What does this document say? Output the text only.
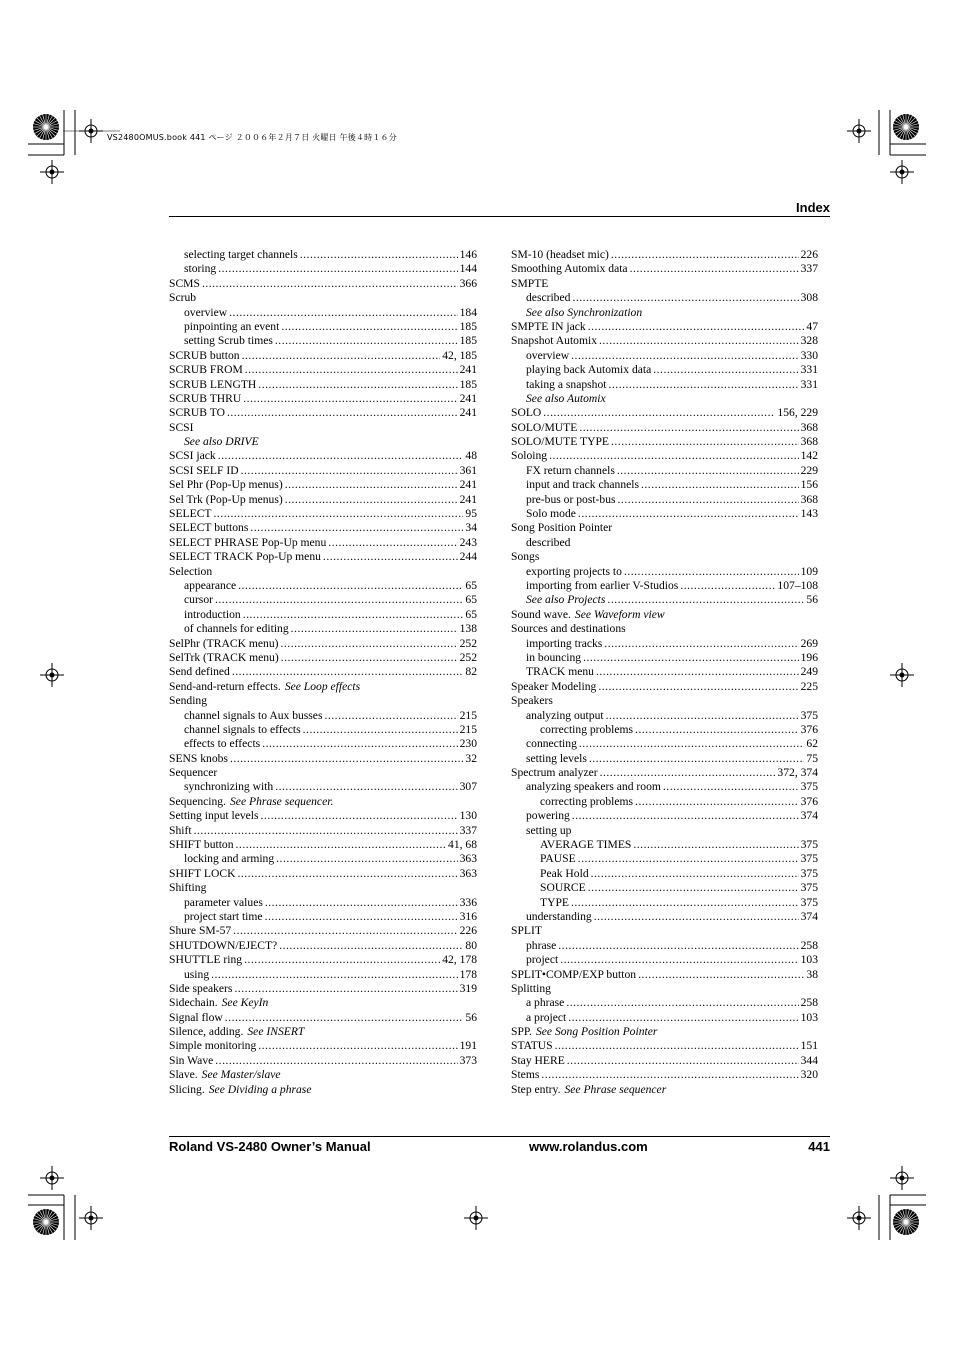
VS2480OMUS.book 441 ページ ２００６年２月７日 火曜日 午後４時１６分
Index
selecting target channels .....	146
storing .....	144
SCMS .....	366
Scrub
overview .....	184
pinpointing an event .....	185
setting Scrub times .....	185
SCRUB button .....	42, 185
SCRUB FROM .....	241
SCRUB LENGTH .....	185
SCRUB THRU .....	241
SCRUB TO .....	241
SCSI
See also DRIVE
SCSI jack .....	48
SCSI SELF ID .....	361
Sel Phr (Pop-Up menus) .....	241
Sel Trk (Pop-Up menus) .....	241
SELECT .....	95
SELECT buttons .....	34
SELECT PHRASE Pop-Up menu .....	243
SELECT TRACK Pop-Up menu .....	244
Selection
appearance .....	65
cursor .....	65
introduction .....	65
of channels for editing .....	138
SelPhr (TRACK menu) .....	252
SelTrk (TRACK menu) .....	252
Send defined .....	82
Send-and-return effects. See Loop effects
Sending
channel signals to Aux busses .....	215
channel signals to effects .....	215
effects to effects .....	230
SENS knobs .....	32
Sequencer
synchronizing with .....	307
Sequencing. See Phrase sequencer.
Setting input levels .....	130
Shift .....	337
SHIFT button .....	41, 68
locking and arming .....	363
SHIFT LOCK .....	363
Shifting
parameter values .....	336
project start time .....	316
Shure SM-57 .....	226
SHUTDOWN/EJECT? .....	80
SHUTTLE ring .....	42, 178
using .....	178
Side speakers .....	319
Sidechain. See KeyIn
Signal flow .....	56
Silence, adding. See INSERT
Simple monitoring .....	191
Sin Wave .....	373
Slave. See Master/slave
Slicing. See Dividing a phrase
SM-10 (headset mic) .....	226
Smoothing Automix data .....	337
SMPTE
described .....	308
See also Synchronization
SMPTE IN jack .....	47
Snapshot Automix .....	328
overview .....	330
playing back Automix data .....	331
taking a snapshot .....	331
See also Automix
SOLO .....	156, 229
SOLO/MUTE .....	368
SOLO/MUTE TYPE .....	368
Soloing .....	142
FX return channels .....	229
input and track channels .....	156
pre-bus or post-bus .....	368
Solo mode .....	143
Song Position Pointer
described
Songs
exporting projects to .....	109
importing from earlier V-Studios .....	107–108
See also Projects .....	56
Sound wave. See Waveform view
Sources and destinations
importing tracks .....	269
in bouncing .....	196
TRACK menu .....	249
Speaker Modeling .....	225
Speakers
analyzing output .....	375
correcting problems .....	376
connecting .....	62
setting levels .....	75
Spectrum analyzer .....	372, 374
analyzing speakers and room .....	375
correcting problems .....	376
powering .....	374
setting up
AVERAGE TIMES .....	375
PAUSE .....	375
Peak Hold .....	375
SOURCE .....	375
TYPE .....	375
understanding .....	374
SPLIT
phrase .....	258
project .....	103
SPLIT•COMP/EXP button .....	38
Splitting
a phrase .....	258
a project .....	103
SPP. See Song Position Pointer
STATUS .....	151
Stay HERE .....	344
Stems .....	320
Step entry. See Phrase sequencer
Roland VS-2480 Owner’s Manual	www.rolandus.com	441
